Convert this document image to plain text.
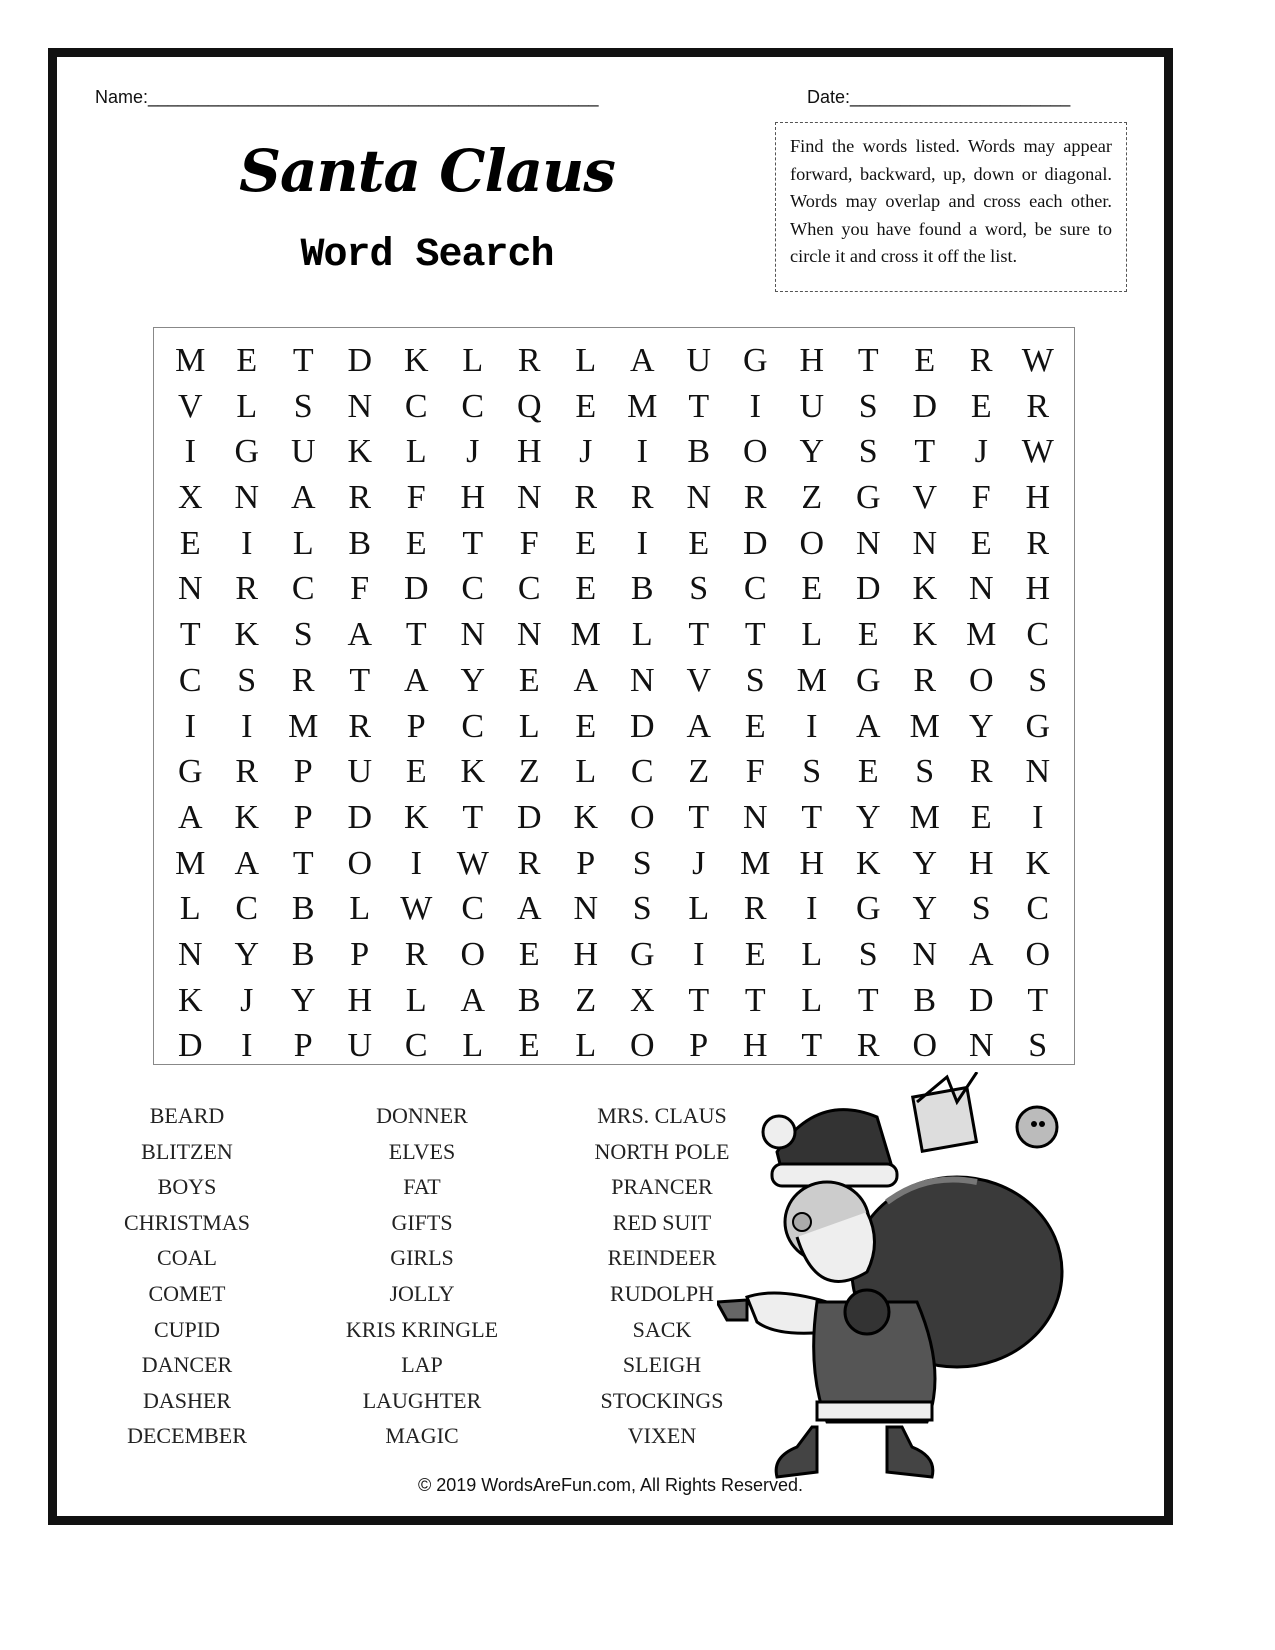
Name:_____________________________________________	Date:______________________
Santa Claus
Word Search
Find the words listed. Words may appear forward, backward, up, down or diagonal. Words may overlap and cross each other. When you have found a word, be sure to circle it and cross it off the list.
M E	T D K L	R	L A U G H T	E	R W
V L	S	N C C Q E M T	I	U	S	D E	R
I	G U K L	J	H	J	I	B O Y	S	T	J W
X N A R	F	H N R R N R	Z G V	F	H
E	I	L	B	E	T	F	E	I	E D O N N E	R
N R C	F	D C C	E	B	S	C	E D K N H
T K	S	A T N N M L	T	T	L	E K M C
C	S	R	T A Y E A N V	S M G R O	S
I	I	M R	P	C	L	E D A E	I	A M Y G
G R	P	U E K Z	L	C	Z	F	S	E	S	R N
A K	P	D K T D K O T N T Y M E	I
M A T O	I	W R	P	S	J	M H K Y H K
L	C B	L W C A N	S	L	R	I	G Y	S	C
N Y B	P	R O E H G	I	E	L	S	N A O
K	J	Y H L A B	Z X T	T	L	T	B D T
D	I	P	U C	L	E	L O	P	H T	R O N	S
BEARD
BLITZEN
BOYS
CHRISTMAS
COAL
COMET
CUPID
DANCER
DASHER
DECEMBER
DONNER
ELVES
FAT
GIFTS
GIRLS
JOLLY
KRIS KRINGLE
LAP
LAUGHTER
MAGIC
MRS. CLAUS
NORTH POLE
PRANCER
RED SUIT
REINDEER
RUDOLPH
SACK
SLEIGH
STOCKINGS
VIXEN
© 2019 WordsAreFun.com, All Rights Reserved.
